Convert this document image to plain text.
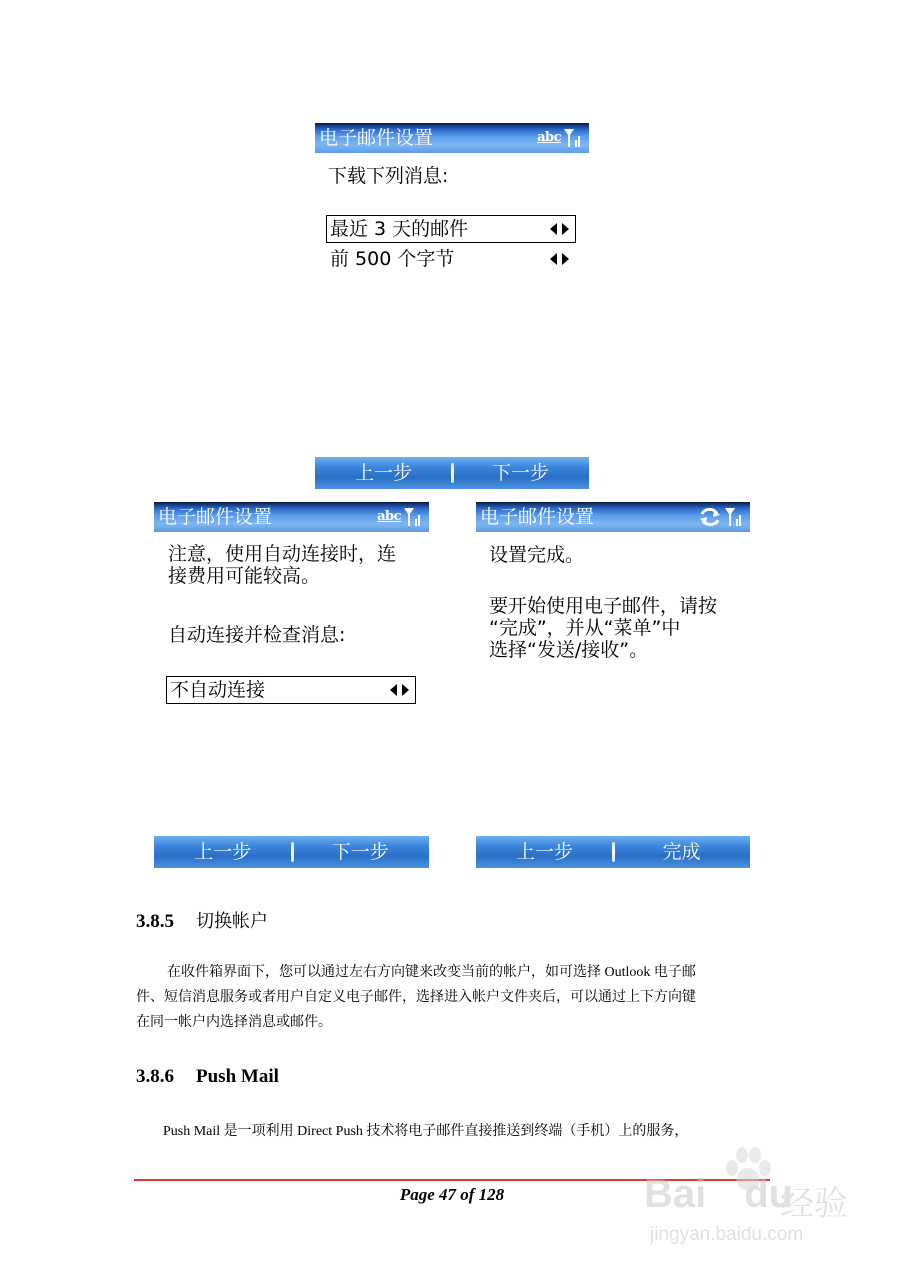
电子邮件设置	abc
下载下列消息:
最近 3 天的邮件
前 500 个字节
上一步	下一步
电子邮件设置	abc
注意，使用自动连接时，连
接费用可能较高。
自动连接并检查消息:
不自动连接
上一步	下一步
电子邮件设置
设置完成。
要开始使用电子邮件，请按
“完成”，并从“菜单”中
选择“发送/接收”。
上一步	完成
3.8.5 切换帐户
在收件箱界面下，您可以通过左右方向键来改变当前的帐户，如可选择 Outlook 电子邮
件、短信消息服务或者用户自定义电子邮件，选择进入帐户文件夹后，可以通过上下方向键
在同一帐户内选择消息或邮件。
3.8.6 Push Mail
Push Mail 是一项利用 Direct Push 技术将电子邮件直接推送到终端（手机）上的服务，
Page 47 of 128	Bai du
经验
jingyan.baidu.com
